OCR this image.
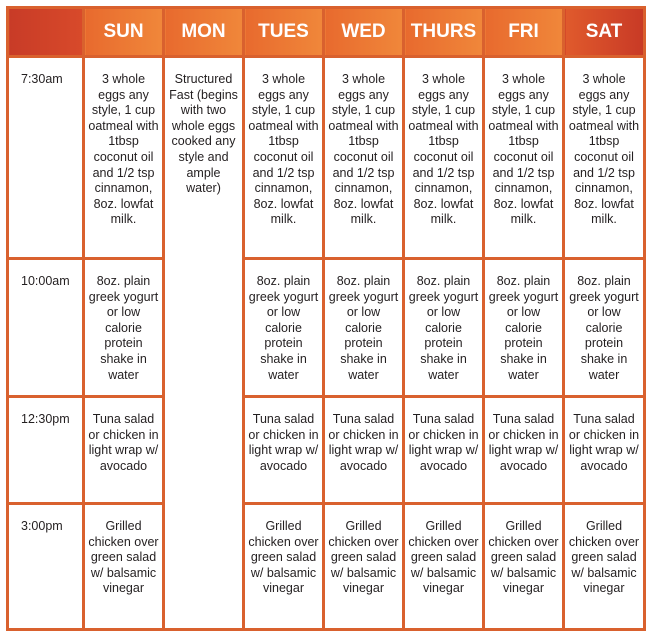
	SUN	MON	TUES	WED	THURS	FRI	SAT
7:30am	3 whole eggs any style, 1 cup oatmeal with 1tbsp coconut oil and 1/2 tsp cinnamon, 8oz. lowfat milk.	Structured Fast (begins with two whole eggs cooked any style and ample water)	3 whole eggs any style, 1 cup oatmeal with 1tbsp coconut oil and 1/2 tsp cinnamon, 8oz. lowfat milk.	3 whole eggs any style, 1 cup oatmeal with 1tbsp coconut oil and 1/2 tsp cinnamon, 8oz. lowfat milk.	3 whole eggs any style, 1 cup oatmeal with 1tbsp coconut oil and 1/2 tsp cinnamon, 8oz. lowfat milk.	3 whole eggs any style, 1 cup oatmeal with 1tbsp coconut oil and 1/2 tsp cinnamon, 8oz. lowfat milk.	3 whole eggs any style, 1 cup oatmeal with 1tbsp coconut oil and 1/2 tsp cinnamon, 8oz. lowfat milk.
10:00am	8oz. plain greek yogurt or low calorie protein shake in water		8oz. plain greek yogurt or low calorie protein shake in water	8oz. plain greek yogurt or low calorie protein shake in water	8oz. plain greek yogurt or low calorie protein shake in water	8oz. plain greek yogurt or low calorie protein shake in water	8oz. plain greek yogurt or low calorie protein shake in water
12:30pm	Tuna salad or chicken in light wrap w/ avocado		Tuna salad or chicken in light wrap w/ avocado	Tuna salad or chicken in light wrap w/ avocado	Tuna salad or chicken in light wrap w/ avocado	Tuna salad or chicken in light wrap w/ avocado	Tuna salad or chicken in light wrap w/ avocado
3:00pm	Grilled chicken over green salad w/ balsamic vinegar		Grilled chicken over green salad w/ balsamic vinegar	Grilled chicken over green salad w/ balsamic vinegar	Grilled chicken over green salad w/ balsamic vinegar	Grilled chicken over green salad w/ balsamic vinegar	Grilled chicken over green salad w/ balsamic vinegar
